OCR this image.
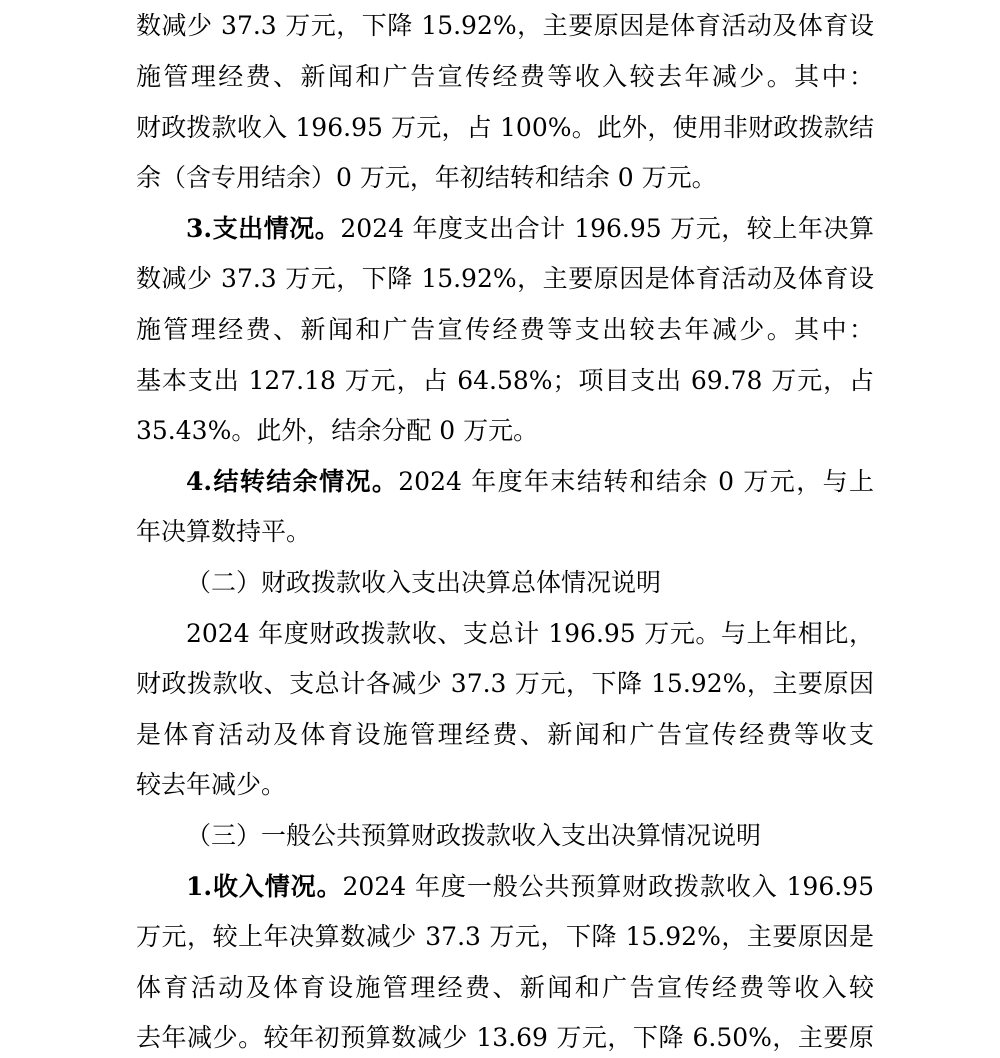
数减少 37.3 万元，下降 15.92%，主要原因是体育活动及体育设

施管理经费、新闻和广告宣传经费等收入较去年减少。其中：

财政拨款收入 196.95 万元，占 100%。此外，使用非财政拨款结

余（含专用结余）0 万元，年初结转和结余 0 万元。

3.支出情况。2024 年度支出合计 196.95 万元，较上年决算

数减少 37.3 万元，下降 15.92%，主要原因是体育活动及体育设

施管理经费、新闻和广告宣传经费等支出较去年减少。其中：

基本支出 127.18 万元，占 64.58%；项目支出 69.78 万元，占

35.43%。此外，结余分配 0 万元。

4.结转结余情况。2024 年度年末结转和结余 0 万元，与上

年决算数持平。

（二）财政拨款收入支出决算总体情况说明

2024 年度财政拨款收、支总计 196.95 万元。与上年相比，

财政拨款收、支总计各减少 37.3 万元，下降 15.92%，主要原因

是体育活动及体育设施管理经费、新闻和广告宣传经费等收支

较去年减少。

（三）一般公共预算财政拨款收入支出决算情况说明

1.收入情况。2024 年度一般公共预算财政拨款收入 196.95

万元，较上年决算数减少 37.3 万元，下降 15.92%，主要原因是

体育活动及体育设施管理经费、新闻和广告宣传经费等收入较

去年减少。较年初预算数减少 13.69 万元，下降 6.50%，主要原
